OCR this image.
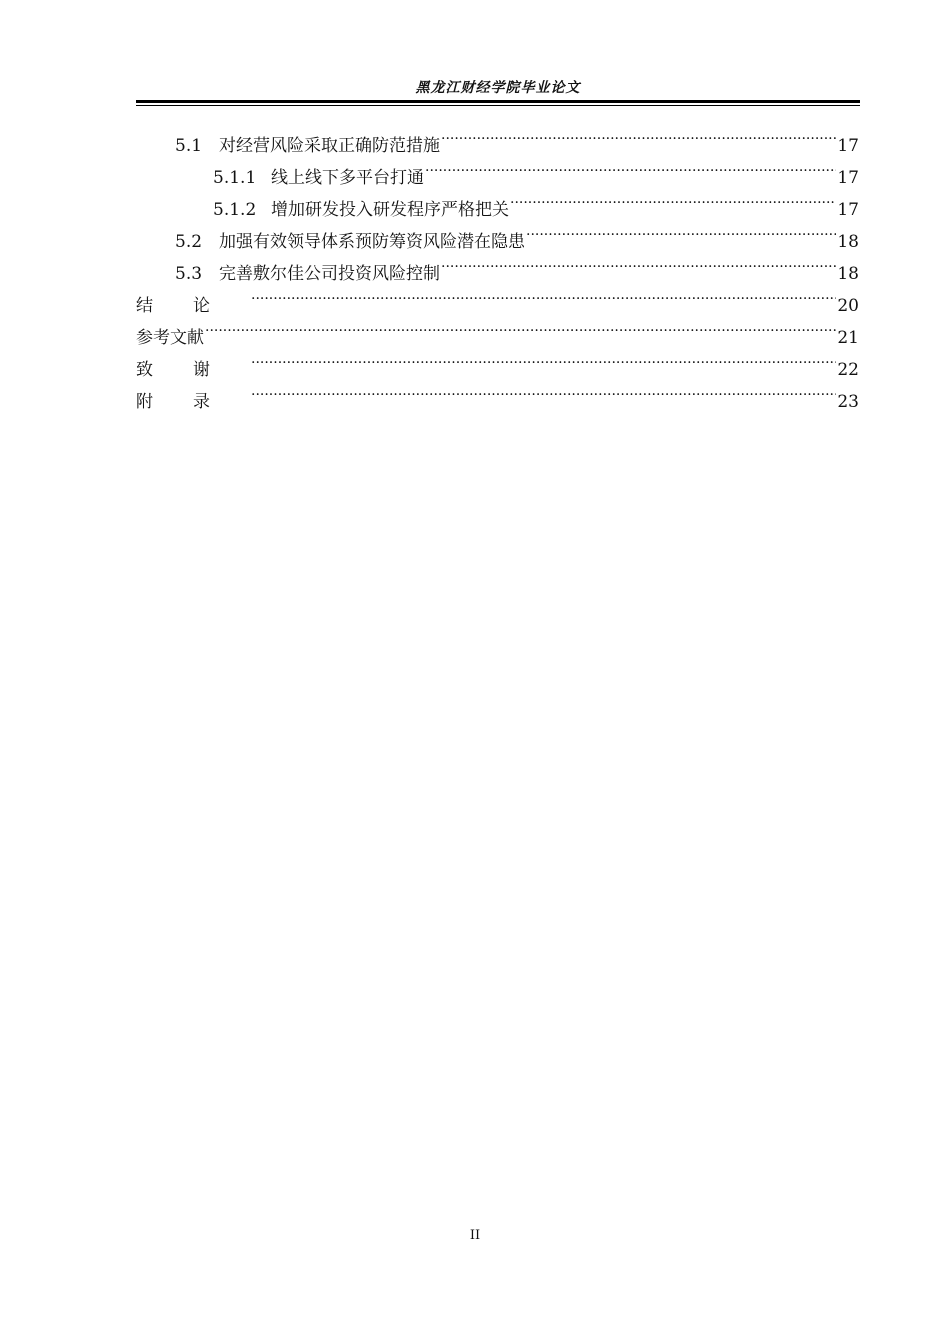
黑龙江财经学院毕业论文
5.1 对经营风险采取正确防范措施 .....	17
5.1.1 线上线下多平台打通 .....	17
5.1.2 增加研发投入研发程序严格把关 .....	17
5.2 加强有效领导体系预防筹资风险潜在隐患 .....	18
5.3 完善敷尔佳公司投资风险控制 .....	18
结论 .....	20
参考文献 .....	21
致谢 .....	22
附录 .....	23
II
